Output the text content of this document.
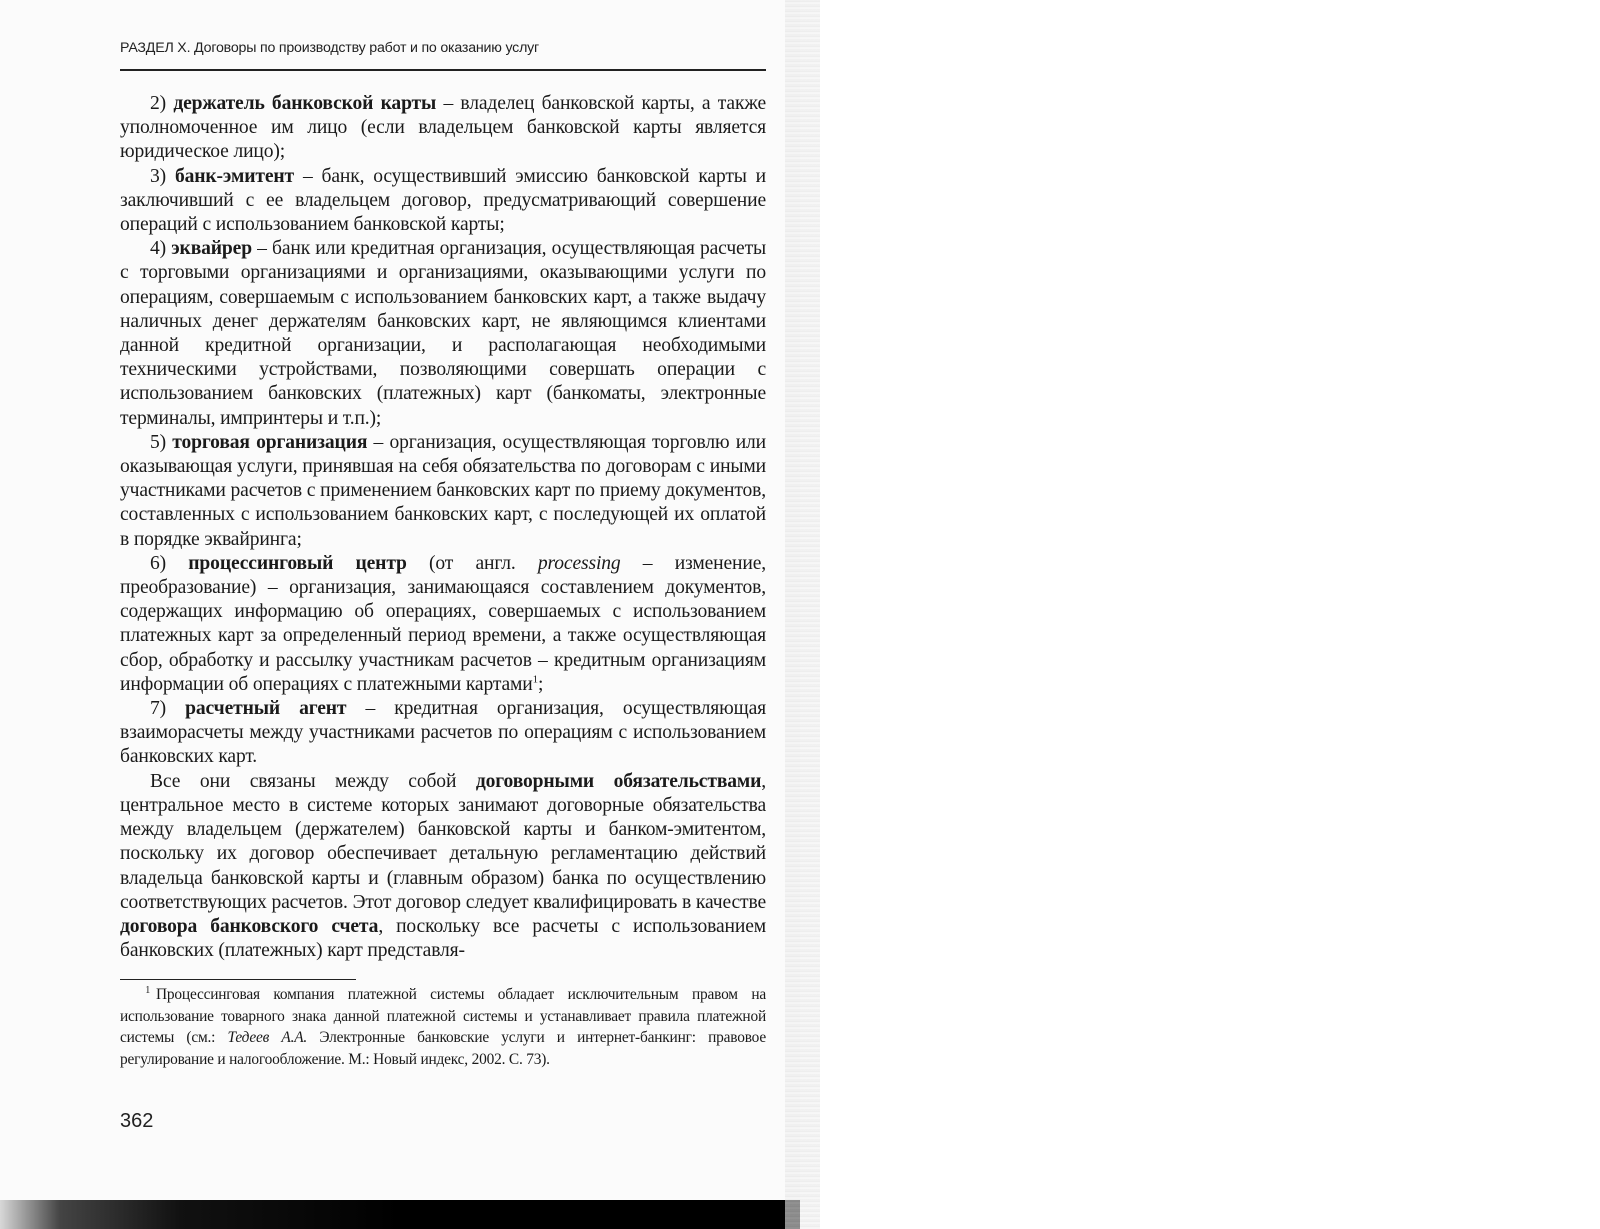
РАЗДЕЛ X. Договоры по производству работ и по оказанию услуг

2) держатель банковской карты – владелец банковской карты, а также уполномоченное им лицо (если владельцем банковской карты является юридическое лицо);

3) банк-эмитент – банк, осуществивший эмиссию банковской карты и заключивший с ее владельцем договор, предусматривающий совершение операций с использованием банковской карты;

4) эквайрер – банк или кредитная организация, осуществляющая расчеты с торговыми организациями и организациями, оказывающими услуги по операциям, совершаемым с использованием банковских карт, а также выдачу наличных денег держателям банковских карт, не являющимся клиентами данной кредитной организации, и располагающая необходимыми техническими устройствами, позволяющими совершать операции с использованием банковских (платежных) карт (банкоматы, электронные терминалы, импринтеры и т.п.);

5) торговая организация – организация, осуществляющая торговлю или оказывающая услуги, принявшая на себя обязательства по договорам с иными участниками расчетов с применением банковских карт по приему документов, составленных с использованием банковских карт, с последующей их оплатой в порядке эквайринга;

6) процессинговый центр (от англ. processing – изменение, преобразование) – организация, занимающаяся составлением документов, содержащих информацию об операциях, совершаемых с использованием платежных карт за определенный период времени, а также осуществляющая сбор, обработку и рассылку участникам расчетов – кредитным организациям информации об операциях с платежными картами$^1$;

7) расчетный агент – кредитная организация, осуществляющая взаиморасчеты между участниками расчетов по операциям с использованием банковских карт.

Все они связаны между собой договорными обязательствами, центральное место в системе которых занимают договорные обязательства между владельцем (держателем) банковской карты и банком-эмитентом, поскольку их договор обеспечивает детальную регламентацию действий владельца банковской карты и (главным образом) банка по осуществлению соответствующих расчетов. Этот договор следует квалифицировать в качестве договора банковского счета, поскольку все расчеты с использованием банковских (платежных) карт представля-

$^1$ Процессинговая компания платежной системы обладает исключительным правом на использование товарного знака данной платежной системы и устанавливает правила платежной системы (см.: Тедеев А.А. Электронные банковские услуги и интернет-банкинг: правовое регулирование и налогообложение. М.: Новый индекс, 2002. С. 73).
362
